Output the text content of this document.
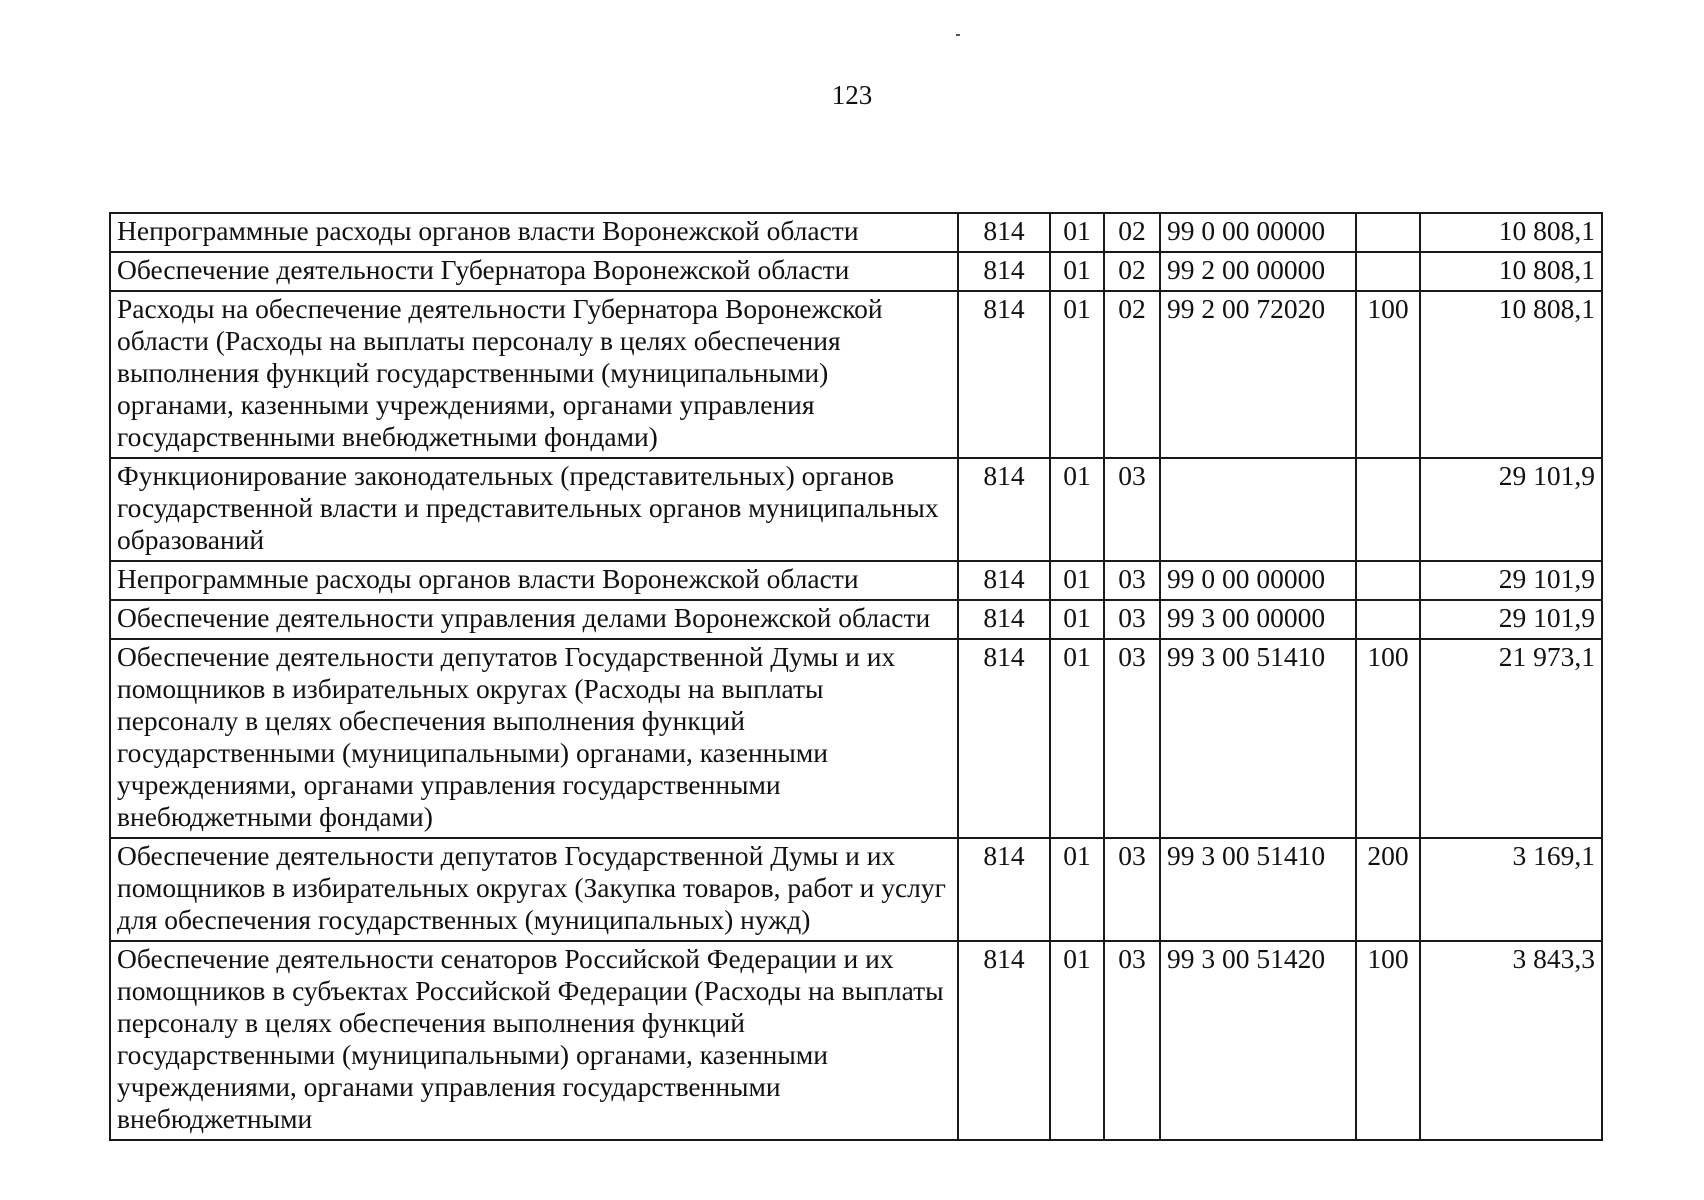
123
Непрограммные расходы органов власти Воронежской области	814	01	02	99 0 00 00000		10 808,1
Обеспечение деятельности Губернатора Воронежской области	814	01	02	99 2 00 00000		10 808,1
Расходы на обеспечение деятельности Губернатора Воронежской области (Расходы на выплаты персоналу в целях обеспечения выполнения функций государственными (муниципальными) органами, казенными учреждениями, органами управления государственными внебюджетными фондами)	814	01	02	99 2 00 72020	100	10 808,1
Функционирование законодательных (представительных) органов государственной власти и представительных органов муниципальных образований	814	01	03			29 101,9
Непрограммные расходы органов власти Воронежской области	814	01	03	99 0 00 00000		29 101,9
Обеспечение деятельности управления делами Воронежской области	814	01	03	99 3 00 00000		29 101,9
Обеспечение деятельности депутатов Государственной Думы и их помощников в избирательных округах (Расходы на выплаты персоналу в целях обеспечения выполнения функций государственными (муниципальными) органами, казенными учреждениями, органами управления государственными внебюджетными фондами)	814	01	03	99 3 00 51410	100	21 973,1
Обеспечение деятельности депутатов Государственной Думы и их помощников в избирательных округах (Закупка товаров, работ и услуг для обеспечения государственных (муниципальных) нужд)	814	01	03	99 3 00 51410	200	3 169,1
Обеспечение деятельности сенаторов Российской Федерации и их помощников в субъектах Российской Федерации (Расходы на выплаты персоналу в целях обеспечения выполнения функций государственными (муниципальными) органами, казенными учреждениями, органами управления государственными внебюджетными	814	01	03	99 3 00 51420	100	3 843,3
